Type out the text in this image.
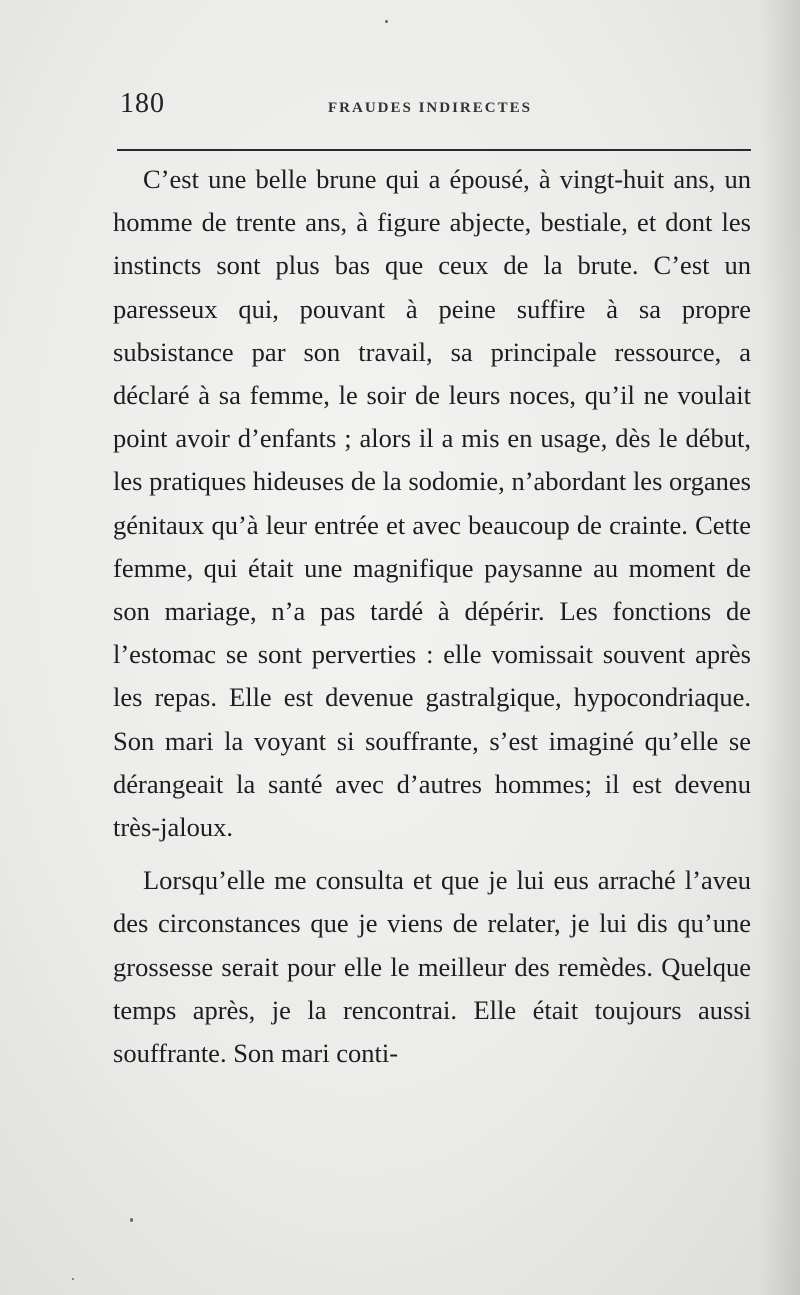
180	FRAUDES INDIRECTES

C’est une belle brune qui a épousé, à vingt-huit ans, un homme de trente ans, à figure abjecte, bestiale, et dont les instincts sont plus bas que ceux de la brute. C’est un paresseux qui, pouvant à peine suffire à sa propre subsistance par son travail, sa principale ressource, a déclaré à sa femme, le soir de leurs noces, qu’il ne voulait point avoir d’enfants ; alors il a mis en usage, dès le début, les pratiques hideuses de la sodomie, n’abordant les organes génitaux qu’à leur entrée et avec beaucoup de crainte. Cette femme, qui était une magnifique paysanne au moment de son mariage, n’a pas tardé à dépérir. Les fonctions de l’estomac se sont perverties : elle vomissait souvent après les repas. Elle est devenue gastralgique, hypocondriaque. Son mari la voyant si souffrante, s’est imaginé qu’elle se dérangeait la santé avec d’autres hommes; il est devenu très-jaloux.

Lorsqu’elle me consulta et que je lui eus arraché l’aveu des circonstances que je viens de relater, je lui dis qu’une grossesse serait pour elle le meilleur des remèdes. Quelque temps après, je la rencontrai. Elle était toujours aussi souffrante. Son mari conti-
